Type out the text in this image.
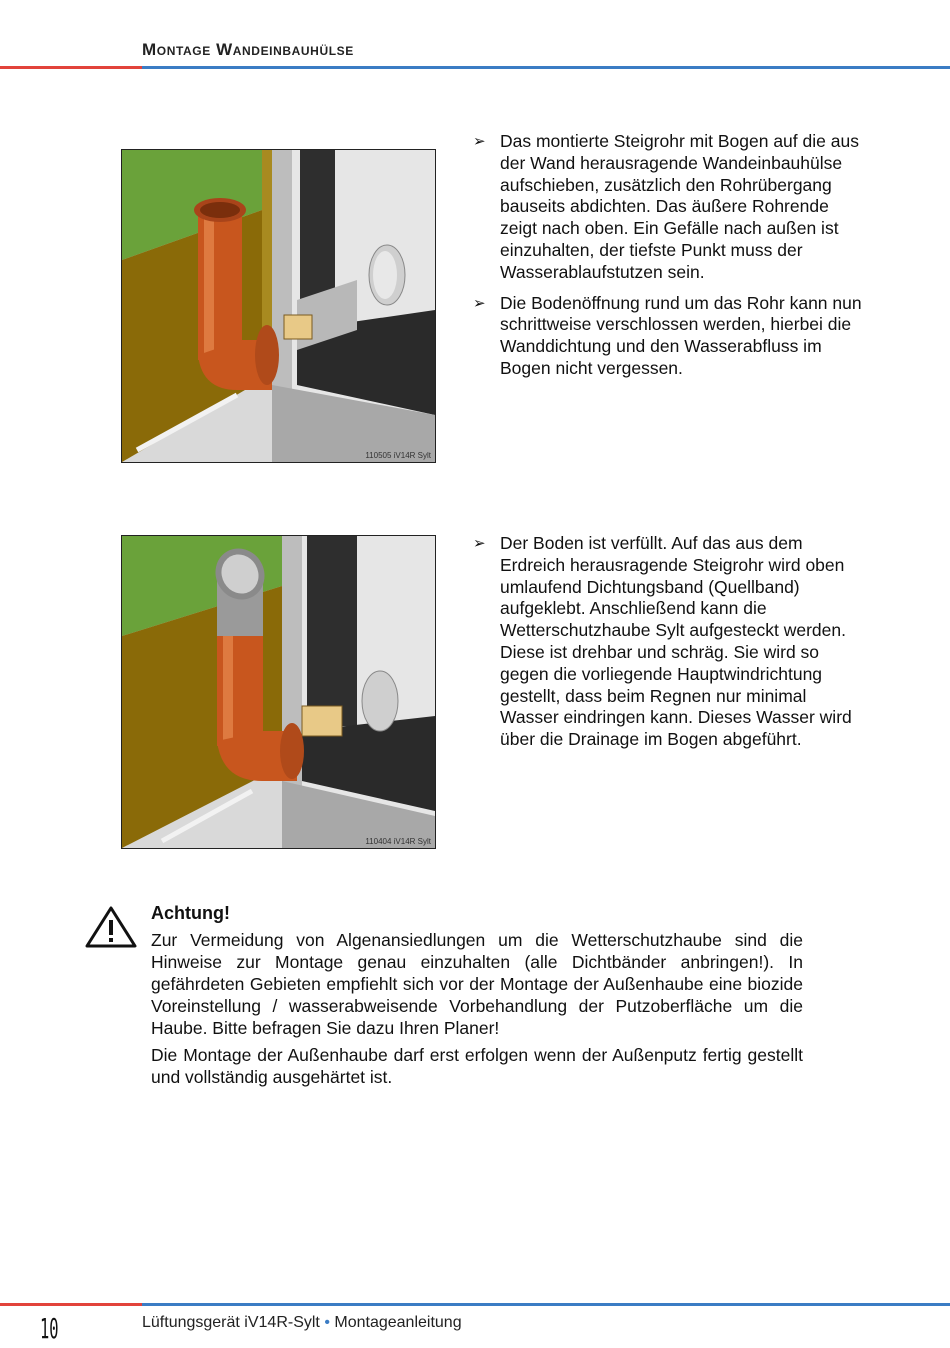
Montage Wandeinbauhülse
110505 iV14R Sylt
➢ Das montierte Steigrohr mit Bogen auf die aus der Wand herausragende Wandeinbauhülse aufschieben, zusätzlich den Rohrübergang bauseits abdichten. Das äußere Rohrende zeigt nach oben. Ein Gefälle nach außen ist einzuhalten, der tiefste Punkt muss der Wasserablaufstutzen sein.
➢ Die Bodenöffnung rund um das Rohr kann nun schrittweise verschlossen werden, hierbei die Wanddichtung und den Wasserabfluss im Bogen nicht vergessen.
110404 iV14R Sylt
➢ Der Boden ist verfüllt. Auf das aus dem Erdreich herausragende Steigrohr wird oben umlaufend Dichtungsband (Quellband) aufgeklebt. Anschließend kann die Wetterschutzhaube Sylt aufgesteckt werden. Diese ist drehbar und schräg. Sie wird so gegen die vorliegende Hauptwindrichtung gestellt, dass beim Regnen nur minimal Wasser eindringen kann. Dieses Wasser wird über die Drainage im Bogen abgeführt.
Achtung!

Zur Vermeidung von Algenansiedlungen um die Wetterschutzhaube sind die Hinweise zur Montage genau einzuhalten (alle Dichtbänder anbringen!). In gefährdeten Gebieten empfiehlt sich vor der Montage der Außenhaube eine biozide Voreinstellung / wasserabweisende Vorbehandlung der Putzoberfläche um die Haube. Bitte befragen Sie dazu Ihren Planer!

Die Montage der Außenhaube darf erst erfolgen wenn der Außenputz fertig gestellt und vollständig ausgehärtet ist.

10	Lüftungsgerät iV14R-Sylt • Montageanleitung
